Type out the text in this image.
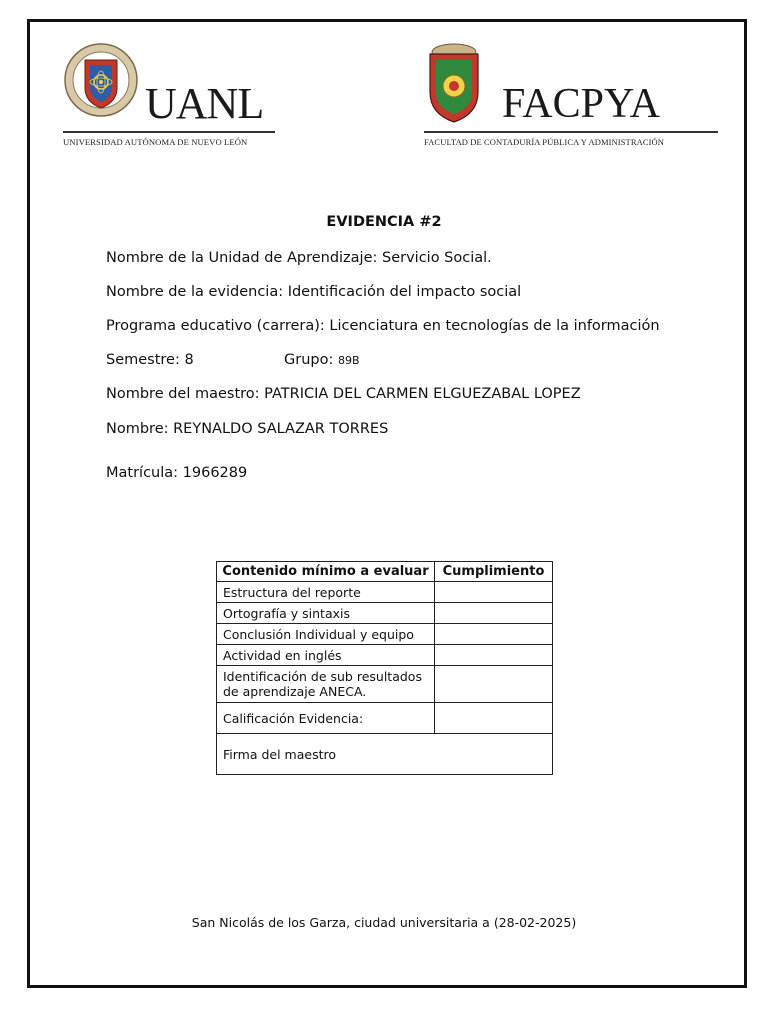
UANL
UNIVERSIDAD AUTÓNOMA DE NUEVO LEÓN
FACPYA
FACULTAD DE CONTADURÍA PÚBLICA Y ADMINISTRACIÓN
EVIDENCIA #2
Nombre de la Unidad de Aprendizaje: Servicio Social.
Nombre de la evidencia: Identificación del impacto social
Programa educativo (carrera): Licenciatura en tecnologías de la información
Semestre: 8	Grupo: 89B
Nombre del maestro: PATRICIA DEL CARMEN ELGUEZABAL LOPEZ
Nombre: REYNALDO SALAZAR TORRES
Matrícula: 1966289
Contenido mínimo a evaluar	Cumplimiento
Estructura del reporte	
Ortografía y sintaxis	
Conclusión Individual y equipo	
Actividad en inglés	
Identificación de sub resultados de aprendizaje ANECA.	
Calificación Evidencia:	
Firma del maestro	
San Nicolás de los Garza, ciudad universitaria a (28-02-2025)
